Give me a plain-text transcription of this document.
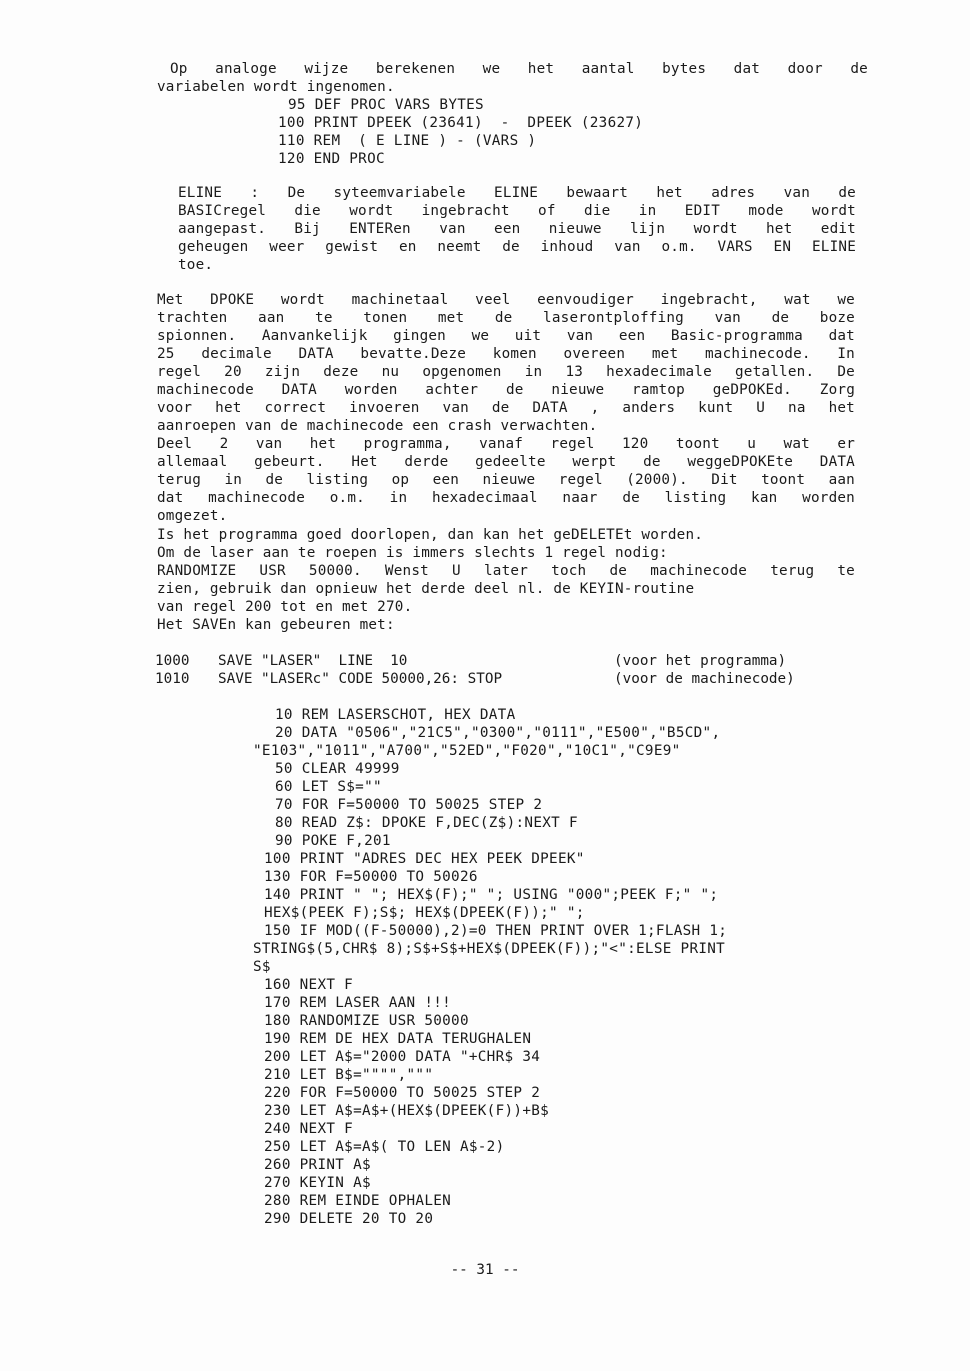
Op analoge wijze berekenen we het aantal bytes dat door de
variabelen wordt ingenomen.
95 DEF PROC VARS BYTES
100 PRINT DPEEK (23641)  -  DPEEK (23627)
110 REM  ( E LINE ) - (VARS )
120 END PROC
ELINE : De syteemvariabele ELINE bewaart het adres van de
BASICregel die wordt ingebracht of die in EDIT mode wordt
aangepast. Bij ENTERen van een nieuwe lijn wordt het edit
geheugen weer gewist en neemt de inhoud van o.m. VARS EN ELINE
toe.
Met DPOKE wordt machinetaal veel eenvoudiger ingebracht, wat we
trachten aan te tonen met de laserontploffing van de boze
spionnen. Aanvankelijk gingen we uit van een Basic-programma dat
25 decimale DATA bevatte.Deze komen overeen met machinecode. In
regel 20 zijn deze nu opgenomen in 13 hexadecimale getallen. De
machinecode DATA worden achter de nieuwe ramtop geDPOKEd. Zorg
voor het correct invoeren van de DATA , anders kunt U na het
aanroepen van de machinecode een crash verwachten.
Deel 2 van het programma, vanaf regel 120 toont u wat er
allemaal gebeurt. Het derde gedeelte werpt de weggeDPOKEte DATA
terug in de listing op een nieuwe regel (2000). Dit toont aan
dat machinecode o.m. in hexadecimaal naar de listing kan worden
omgezet.
Is het programma goed doorlopen, dan kan het geDELETEt worden.
Om de laser aan te roepen is immers slechts 1 regel nodig:
RANDOMIZE USR 50000. Wenst U later toch de machinecode terug te
zien, gebruik dan opnieuw het derde deel nl. de KEYIN-routine
van regel 200 tot en met 270.
Het SAVEn kan gebeuren met:
1000 SAVE "LASER"  LINE  10	(voor het programma)
1010 SAVE "LASERc" CODE 50000,26: STOP	(voor de machinecode)
10 REM LASERSCHOT, HEX DATA
20 DATA "0506","21C5","0300","0111","E500","B5CD",
"E103","1011","A700","52ED","F020","10C1","C9E9"
50 CLEAR 49999
60 LET S$=""
70 FOR F=50000 TO 50025 STEP 2
80 READ Z$: DPOKE F,DEC(Z$):NEXT F
90 POKE F,201
100 PRINT "ADRES DEC HEX PEEK DPEEK"
130 FOR F=50000 TO 50026
140 PRINT " "; HEX$(F);" "; USING "000";PEEK F;" ";
HEX$(PEEK F);S$; HEX$(DPEEK(F));" ";
150 IF MOD((F-50000),2)=0 THEN PRINT OVER 1;FLASH 1;
STRING$(5,CHR$ 8);S$+S$+HEX$(DPEEK(F));"<":ELSE PRINT
S$
160 NEXT F
170 REM LASER AAN !!!
180 RANDOMIZE USR 50000
190 REM DE HEX DATA TERUGHALEN
200 LET A$="2000 DATA "+CHR$ 34
210 LET B$="""","""
220 FOR F=50000 TO 50025 STEP 2
230 LET A$=A$+(HEX$(DPEEK(F))+B$
240 NEXT F
250 LET A$=A$( TO LEN A$-2)
260 PRINT A$
270 KEYIN A$
280 REM EINDE OPHALEN
290 DELETE 20 TO 20
-- 31 --
